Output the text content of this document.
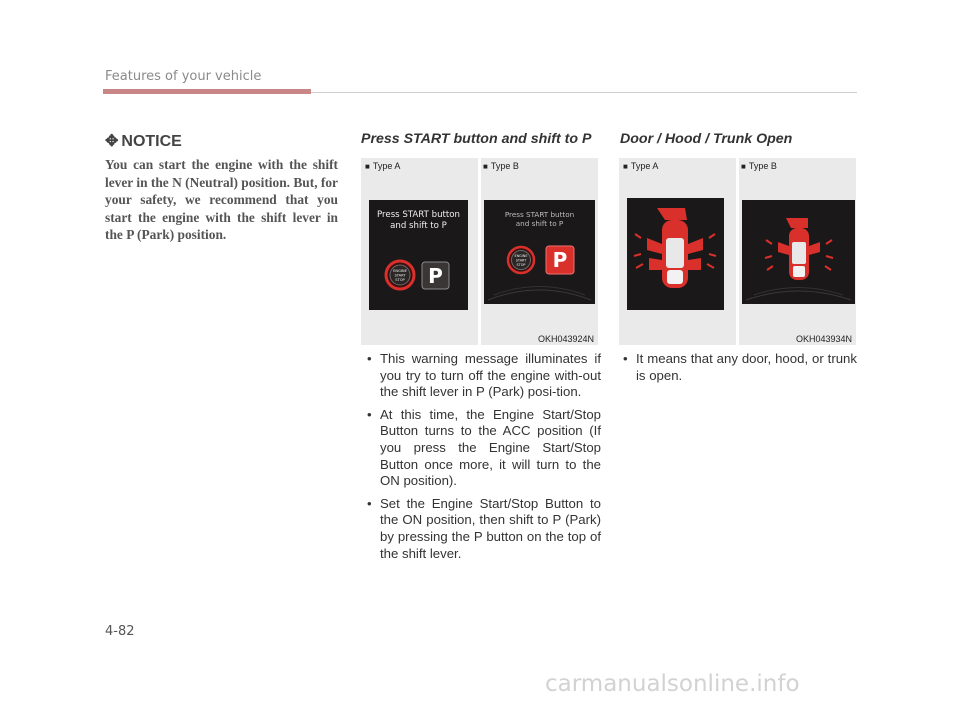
Features of your vehicle
✥ NOTICE
You can start the engine with the shift lever in the N (Neutral) position. But, for your safety, we recommend that you start the engine with the shift lever in the P (Park) position.
Press START button and shift to P
■ Type A	■ Type B
Press START button
and shift to P
ENGINE
START
STOP P
Press START button
and shift to P
ENGINE
START
STOP P
OKH043924N
• This warning message illuminates if you try to turn off the engine with-out the shift lever in P (Park) posi-tion.
• At this time, the Engine Start/Stop Button turns to the ACC position (If you press the Engine Start/Stop Button once more, it will turn to the ON position).
• Set the Engine Start/Stop Button to the ON position, then shift to P (Park) by pressing the P button on the top of the shift lever.
Door / Hood / Trunk Open
■ Type A	■ Type B
OKH043934N
• It means that any door, hood, or trunk is open.
4-82
carmanualsonline.info
